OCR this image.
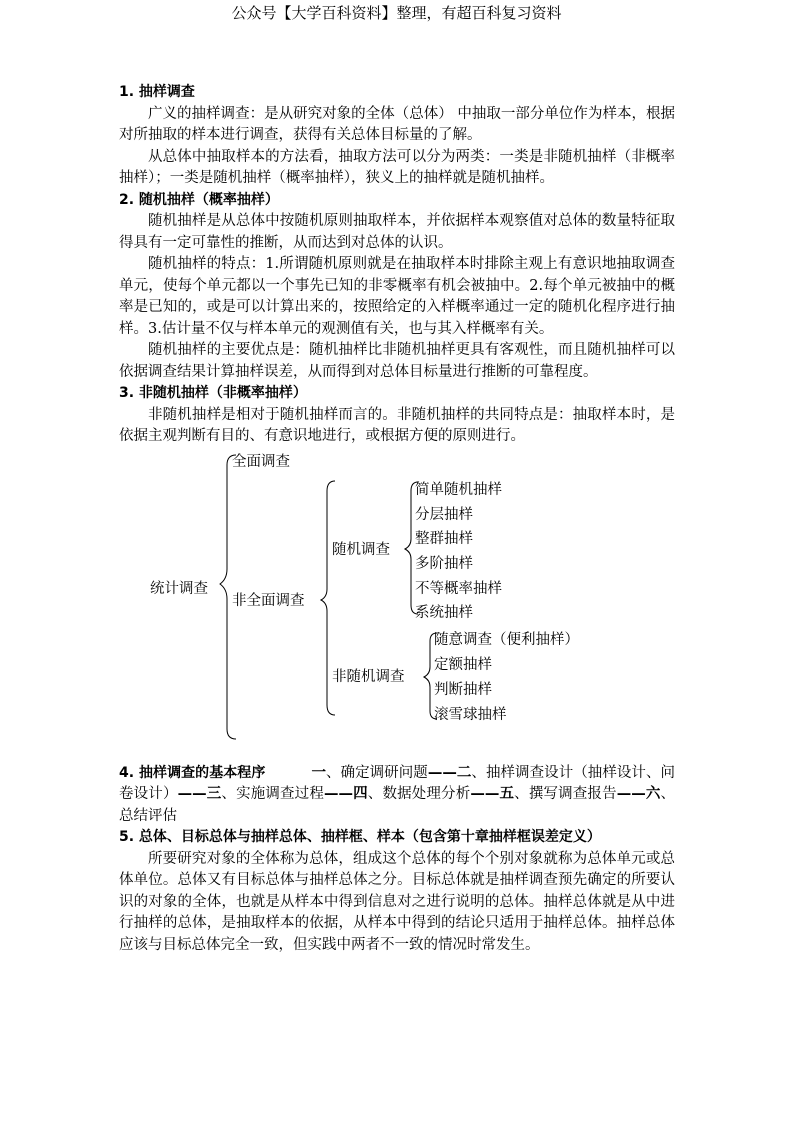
公众号【大学百科资料】整理，有超百科复习资料
1. 抽样调查

广义的抽样调查：是从研究对象的全体（总体） 中抽取一部分单位作为样本，根据对所抽取的样本进行调查，获得有关总体目标量的了解。

从总体中抽取样本的方法看，抽取方法可以分为两类：一类是非随机抽样（非概率抽样）；一类是随机抽样（概率抽样），狭义上的抽样就是随机抽样。

2. 随机抽样（概率抽样）

随机抽样是从总体中按随机原则抽取样本，并依据样本观察值对总体的数量特征取得具有一定可靠性的推断，从而达到对总体的认识。

随机抽样的特点：1.所谓随机原则就是在抽取样本时排除主观上有意识地抽取调查单元，使每个单元都以一个事先已知的非零概率有机会被抽中。2.每个单元被抽中的概率是已知的，或是可以计算出来的，按照给定的入样概率通过一定的随机化程序进行抽样。3.估计量不仅与样本单元的观测值有关，也与其入样概率有关。

随机抽样的主要优点是：随机抽样比非随机抽样更具有客观性，而且随机抽样可以依据调查结果计算抽样误差，从而得到对总体目标量进行推断的可靠程度。

3. 非随机抽样（非概率抽样）

非随机抽样是相对于随机抽样而言的。非随机抽样的共同特点是：抽取样本时，是依据主观判断有目的、有意识地进行，或根据方便的原则进行。

统计调查
全面调查
非全面调查
随机调查
简单随机抽样
分层抽样
整群抽样
多阶抽样
不等概率抽样
系统抽样
非随机调查
随意调查（便利抽样）
定额抽样
判断抽样
滚雪球抽样

4. 抽样调查的基本程序	一、确定调研问题——二、抽样调查设计（抽样设计、问卷设计）——三、实施调查过程——四、数据处理分析——五、撰写调查报告——六、总结评估

5. 总体、目标总体与抽样总体、抽样框、样本（包含第十章抽样框误差定义）

所要研究对象的全体称为总体，组成这个总体的每个个别对象就称为总体单元或总体单位。总体又有目标总体与抽样总体之分。目标总体就是抽样调查预先确定的所要认识的对象的全体，也就是从样本中得到信息对之进行说明的总体。抽样总体就是从中进行抽样的总体，是抽取样本的依据，从样本中得到的结论只适用于抽样总体。抽样总体应该与目标总体完全一致，但实践中两者不一致的情况时常发生。
